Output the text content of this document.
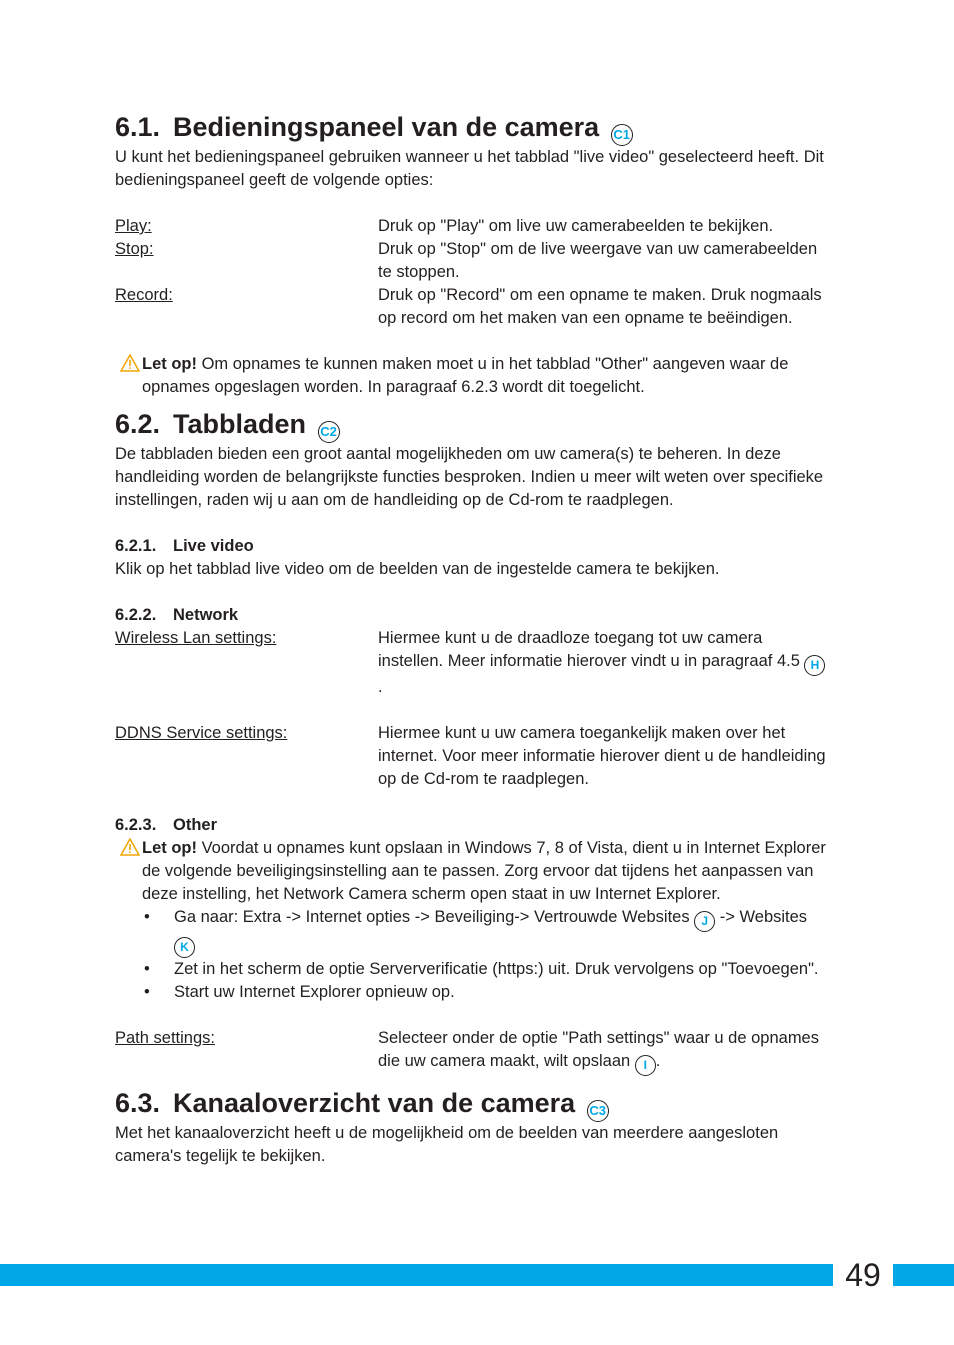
6.1. Bedieningspaneel van de camera C1

U kunt het bedieningspaneel gebruiken wanneer u het tabblad "live video" geselecteerd heeft. Dit bedieningspaneel geeft de volgende opties:

Play:	Druk op "Play" om live uw camerabeelden te bekijken.
Stop:	Druk op "Stop" om de live weergave van uw camerabeelden te stoppen.
Record:	Druk op "Record" om een opname te maken. Druk nogmaals op record om het maken van een opname te beëindigen.
Let op! Om opnames te kunnen maken moet u in het tabblad "Other" aangeven waar de opnames opgeslagen worden. In paragraaf 6.2.3 wordt dit toegelicht.
6.2. Tabbladen C2

De tabbladen bieden een groot aantal mogelijkheden om uw camera(s) te beheren. In deze handleiding worden de belangrijkste functies besproken. Indien u meer wilt weten over specifieke instellingen, raden wij u aan om de handleiding op de Cd-rom te raadplegen.

6.2.1. Live video

Klik op het tabblad live video om de beelden van de ingestelde camera te bekijken.

6.2.2. Network
Wireless Lan settings:	Hiermee kunt u de draadloze toegang tot uw camera instellen. Meer informatie hierover vindt u in paragraaf 4.5 H.
DDNS Service settings:	Hiermee kunt u uw camera toegankelijk maken over het internet. Voor meer informatie hierover dient u de handleiding op de Cd-rom te raadplegen.
6.2.3. Other
Let op! Voordat u opnames kunt opslaan in Windows 7, 8 of Vista, dient u in Internet Explorer de volgende beveiligingsinstelling aan te passen. Zorg ervoor dat tijdens het aanpassen van deze instelling, het Network Camera scherm open staat in uw Internet Explorer.
• Ga naar: Extra -> Internet opties -> Beveiliging-> Vertrouwde Websites J -> Websites K
• Zet in het scherm de optie Serververificatie (https:) uit. Druk vervolgens op "Toevoegen".
• Start uw Internet Explorer opnieuw op.
Path settings:	Selecteer onder de optie "Path settings" waar u de opnames die uw camera maakt, wilt opslaan I .
6.3. Kanaaloverzicht van de camera C3

Met het kanaaloverzicht heeft u de mogelijkheid om de beelden van meerdere aangesloten camera's tegelijk te bekijken.

49
